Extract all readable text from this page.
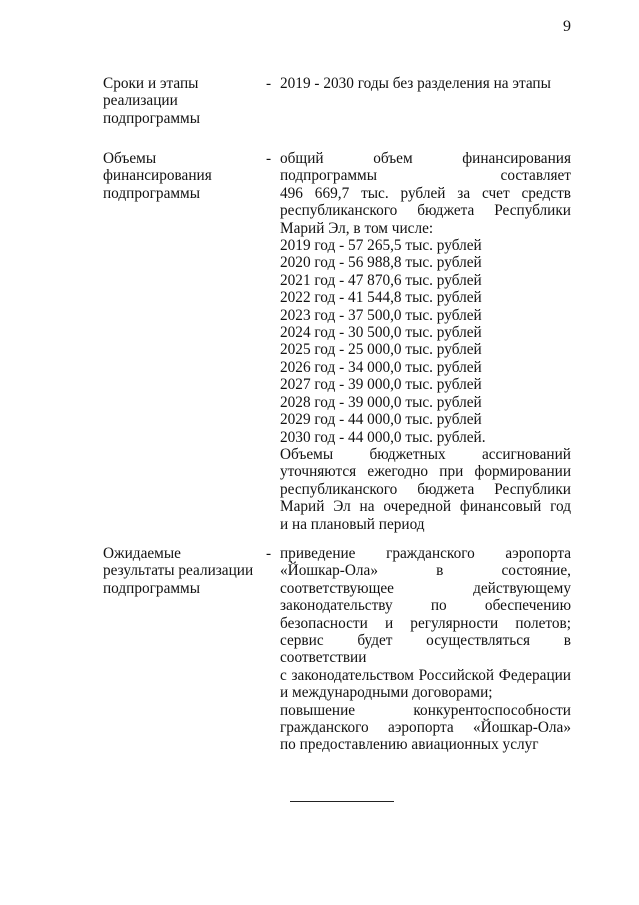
9
Сроки и этапы
реализации
подпрограммы
- 2019 - 2030 годы без разделения на этапы
Объемы
финансирования
подпрограммы
- общий объем финансирования
подпрограммы составляет
496 669,7 тыс. рублей за счет средств
республиканского бюджета Республики
Марий Эл, в том числе:
2019 год - 57 265,5 тыс. рублей
2020 год - 56 988,8 тыс. рублей
2021 год - 47 870,6 тыс. рублей
2022 год - 41 544,8 тыс. рублей
2023 год - 37 500,0 тыс. рублей
2024 год - 30 500,0 тыс. рублей
2025 год - 25 000,0 тыс. рублей
2026 год - 34 000,0 тыс. рублей
2027 год - 39 000,0 тыс. рублей
2028 год - 39 000,0 тыс. рублей
2029 год - 44 000,0 тыс. рублей
2030 год - 44 000,0 тыс. рублей.
Объемы бюджетных ассигнований
уточняются ежегодно при формировании
республиканского бюджета Республики
Марий Эл на очередной финансовый год
и на плановый период
Ожидаемые
результаты реализации
подпрограммы
- приведение гражданского аэропорта
«Йошкар-Ола» в состояние,
соответствующее действующему
законодательству по обеспечению
безопасности и регулярности полетов;
сервис будет осуществляться в соответствии
с законодательством Российской Федерации
и международными договорами;
повышение конкурентоспособности
гражданского аэропорта «Йошкар-Ола»
по предоставлению авиационных услуг
